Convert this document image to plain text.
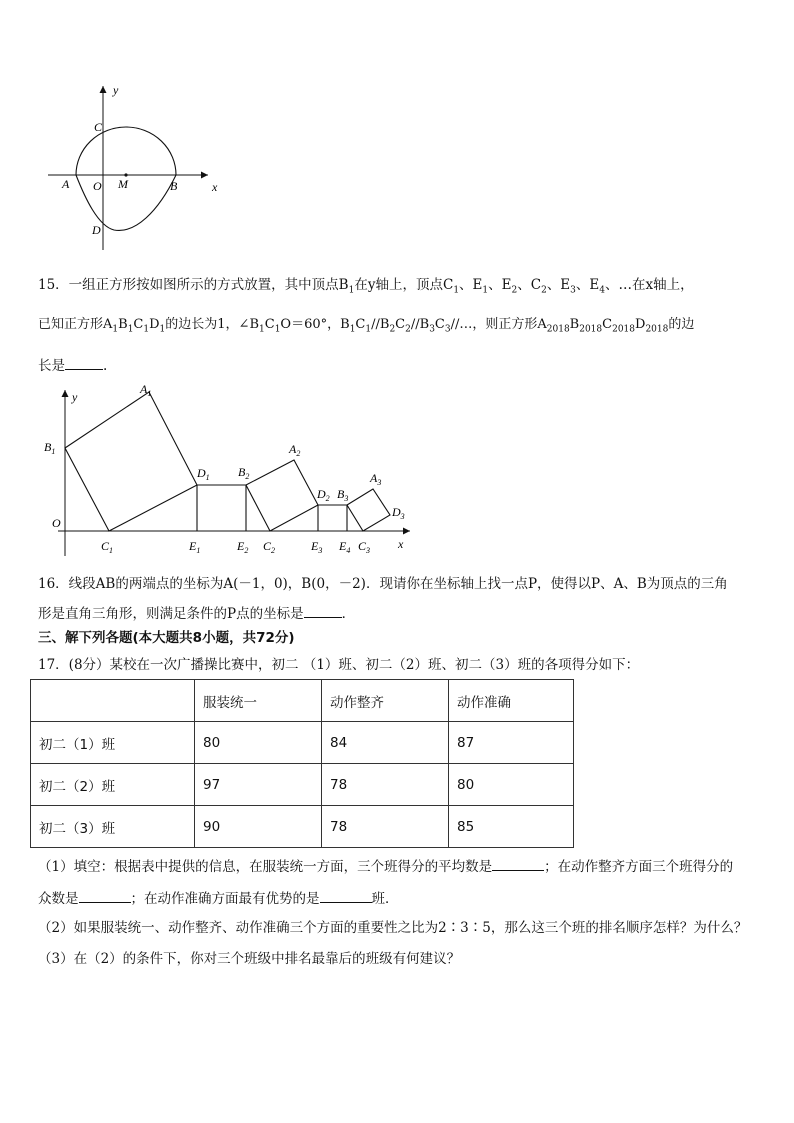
x
y
A O M	B
C
D
15．一组正方形按如图所示的方式放置，其中顶点$B_1$在y轴上，顶点$C_1$、$E_1$、$E_2$、$C_2$、$E_3$、$E_4$、…在x轴上，
已知正方形$A_1B_1C_1D_1$的边长为1，$\angle B_1C_1O=60^\circ$，$B_1C_1//B_2C_2//B_3C_3//\dots$，则正方形$A_{2018}B_{2018}C_{2018}D_{2018}$的边
长是	.
O
x
y
$A_1$
$B_1$
$C_1$
$D_1$
$E_1$
$B_2$
$A_2$
$E_2$ $C_2$
$D_2$ $B_3$
$A_3$
$D_3$
$E_3$ $E_4$ $C_3$
16．线段AB的两端点的坐标为A(－1，0)，B(0，－2)．现请你在坐标轴上找一点P，使得以P、A、B为顶点的三角
形是直角三角形，则满足条件的P点的坐标是	．
三、解下列各题(本大题共8小题，共72分)
17．(8分）某校在一次广播操比赛中，初二 （1）班、初二（2）班、初二（3）班的各项得分如下：
	服装统一	动作整齐	动作准确
初二（1）班	80	84	87
初二（2）班	97	78	80
初二（3）班	90	78	85
（1）填空：根据表中提供的信息，在服装统一方面，三个班得分的平均数是	；在动作整齐方面三个班得分的
众数是	；在动作准确方面最有优势的是	班．
（2）如果服装统一、动作整齐、动作准确三个方面的重要性之比为2∶3∶5，那么这三个班的排名顺序怎样？为什么？
（3）在（2）的条件下，你对三个班级中排名最靠后的班级有何建议？
